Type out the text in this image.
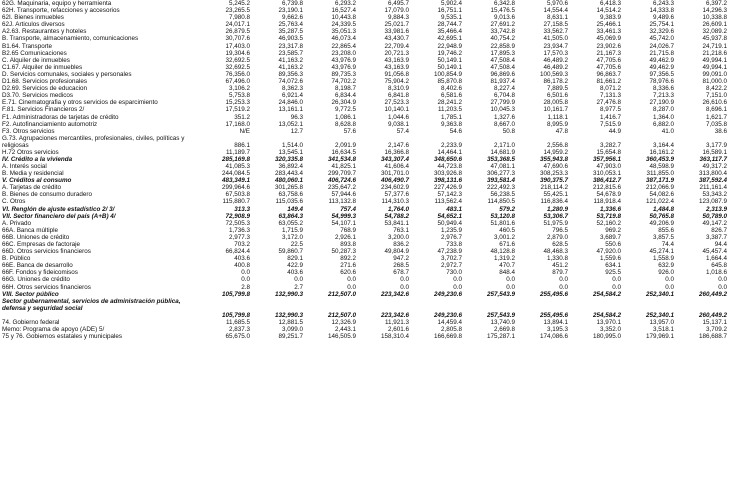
62G. Maquinaria, equipo y herramienta	5,245.2	6,739.8	6,293.2	6,495.7	5,902.4	6,342.8	5,970.6	6,418.3	6,243.3	6,397.2
62H. Transporte, refacciones y accesorios	23,265.5	23,190.1	16,527.4	17,079.0	16,751.1	15,476.5	14,554.4	14,514.2	14,333.8	14,296.3
62I. Bienes inmuebles	7,980.8	9,662.6	10,443.8	9,884.3	9,535.1	9,013.6	8,631.1	9,383.9	9,489.6	10,338.8
62J. Articulos diversos	24,017.1	25,763.4	24,339.5	25,021.7	28,744.7	27,691.2	27,158.5	25,466.1	25,754.1	26,609.1
A2.63. Restaurantes y hoteles	26,879.5	35,287.5	35,051.3	33,981.6	35,466.4	33,742.8	33,562.7	33,461.3	32,329.6	32,089.2
B. Transporte, almacenamiento, comunicaciones	30,707.6	46,903.5	46,073.4	43,430.7	42,695.1	40,754.2	41,505.0	45,069.9	45,742.0	45,937.8
B1.64. Transporte	17,403.0	23,317.8	22,865.4	22,709.4	22,948.9	22,858.9	23,934.7	23,902.6	24,026.7	24,719.1
B2.65 Comunicaciones	19,304.6	23,585.7	23,208.0	20,721.3	19,746.2	17,895.3	17,570.3	21,167.3	21,715.8	21,218.6
C. Alquiler de inmuebles	32,692.5	41,163.2	43,976.9	43,163.9	50,149.1	47,508.4	46,489.2	47,705.6	49,462.9	49,994.1
C1.67. Alquiler de inmuebles	32,692.5	41,163.2	43,976.9	43,163.9	50,149.1	47,508.4	46,489.2	47,705.6	49,462.9	49,994.1
D. Servicios comunales, sociales y personales	76,356.0	89,356.3	89,735.3	91,056.8	100,854.9	96,869.6	100,569.3	96,863.7	97,356.5	99,091.0
D1.68. Servicios profesionales	67,496.0	74,072.6	74,702.2	75,904.2	85,870.8	81,937.4	86,178.2	81,661.2	78,976.6	81,000.0
D2.69. Servicios de educacion	3,106.2	8,362.3	8,198.7	8,310.9	8,402.6	8,227.4	7,889.5	8,071.2	8,336.6	8,422.2
D3.70. Servicios medicos	5,753.8	6,921.4	6,834.4	6,841.8	6,581.6	6,704.8	6,501.6	7,131.3	7,213.3	7,151.0
E.71. Cinematografia y otros servicios de esparcimiento	15,253.3	24,846.0	26,304.9	27,523.3	28,241.2	27,799.9	28,005.8	27,476.8	27,190.9	26,610.6
F.81. Servicios Financieros 2/	17,519.2	13,161.1	9,772.5	10,140.1	11,203.5	10,045.3	10,161.7	8,977.5	8,287.0	8,696.1
F1. Administradoras de tarjetas de crédito	351.2	96.3	1,086.1	1,044.6	1,785.1	1,327.6	1,118.1	1,416.7	1,364.0	1,621.7
F2. Autofinanciamiento automotriz	17,168.0	13,052.1	8,628.8	9,038.1	9,363.8	8,667.0	8,995.9	7,515.9	6,882.0	7,035.8
F3. Otros servicios	N/E	12.7	57.6	57.4	54.6	50.8	47.8	44.9	41.0	38.6
G.73. Agrupaciones mercantiles, profesionales, civiles, políticas y religiosas	886.1	1,514.0	2,091.9	2,147.6	2,233.9	2,171.0	2,556.8	3,282.7	3,164.4	3,177.9
H.72 Otros servicios	11,189.7	13,545.1	16,634.5	16,366.8	14,464.1	14,681.9	14,959.2	15,654.8	16,161.2	16,589.1
IV. Crédito a la vivienda	285,169.8	320,335.8	341,534.8	343,307.4	348,650.6	353,368.5	355,943.8	357,956.1	360,453.9	363,117.7
A. Interés social	41,085.3	36,892.4	41,825.1	41,606.4	44,723.8	47,081.1	47,690.6	47,903.0	48,598.9	49,317.2
B. Media y residencial	244,084.5	283,443.4	299,709.7	301,701.0	303,926.8	306,277.3	308,253.3	310,053.1	311,855.0	313,800.4
V. Créditos al consumo	483,349.1	480,060.1	406,724.6	406,490.7	398,131.6	393,581.4	390,375.7	386,412.7	387,171.9	387,592.4
A. Tarjetas de crédito	299,964.6	301,265.8	235,647.2	234,602.9	227,426.9	222,492.3	218,114.2	212,815.6	212,066.9	211,161.4
B. Bienes de consumo duradero	67,503.8	63,758.6	57,944.6	57,377.6	57,142.3	56,238.5	55,425.1	54,678.9	54,082.6	53,343.2
C. Otros	115,880.7	115,035.6	113,132.8	114,310.3	113,562.4	114,850.5	116,836.4	118,918.4	121,022.4	123,087.9
VI. Renglón de ajuste estadístico 2/ 3/	313.3	149.4	757.4	1,764.0	483.1	579.2	1,280.9	1,336.6	1,484.8	2,313.9
VII. Sector financiero del país (A+B) 4/	72,908.9	63,864.3	54,999.3	54,788.2	54,652.1	53,120.8	53,306.7	53,719.8	50,765.8	50,789.0
A. Privado	72,505.3	63,055.2	54,107.1	53,841.1	50,949.4	51,801.6	51,975.9	52,160.2	49,206.9	49,147.2
66A. Banca múltiple	1,736.3	1,715.9	768.9	763.1	1,235.9	460.5	796.5	969.2	855.6	826.7
66B. Uniones de crédito	2,977.3	3,172.0	2,926.1	3,200.0	2,976.7	3,001.2	2,879.0	3,689.7	3,857.5	3,387.7
66C. Empresas de factoraje	703.2	22.5	893.8	836.2	733.8	671.6	628.5	550.6	74.4	94.4
66D. Otros servicios financieros	66,824.4	59,860.7	50,287.3	49,804.9	47,238.9	48,128.8	48,468.3	47,920.0	45,274.1	45,457.4
B. Público	403.6	829.1	892.2	947.2	3,702.7	1,319.2	1,330.8	1,559.6	1,558.9	1,664.4
66E. Banca de desarrollo	400.8	422.9	271.6	268.5	2,972.7	470.7	451.2	634.1	632.9	645.8
66F. Fondos y fideicomisos	0.0	403.6	620.6	678.7	730.0	848.4	879.7	925.5	926.0	1,018.6
66G. Uniones de crédito	0.0	0.0	0.0	0.0	0.0	0.0	0.0	0.0	0.0	0.0
66H. Otros servicios financieros	2.8	2.7	0.0	0.0	0.0	0.0	0.0	0.0	0.0	0.0
VIII. Sector público	105,799.8	132,990.3	212,507.0	223,342.6	249,230.6	257,543.9	255,495.6	254,584.2	252,340.1	260,449.2
Sector gubernamental, servicios de administración pública, defensa y seguridad social
105,799.8	132,990.3	212,507.0	223,342.6	249,230.6	257,543.9	255,495.6	254,584.2	252,340.1	260,449.2
74. Gobierno federal	11,685.5	12,881.5	12,326.9	11,921.3	14,459.4	13,740.9	13,894.1	13,970.1	13,957.0	15,137.1
Memo: Programa de apoyo (ADE) 5/	2,837.3	3,099.0	2,443.1	2,601.6	2,805.8	2,669.8	3,195.3	3,352.0	3,518.1	3,709.2
75 y 76. Gobiernos estatales y municipales	65,675.0	89,251.7	146,505.9	158,310.4	166,669.8	175,287.1	174,086.6	180,995.0	179,969.1	186,688.7
